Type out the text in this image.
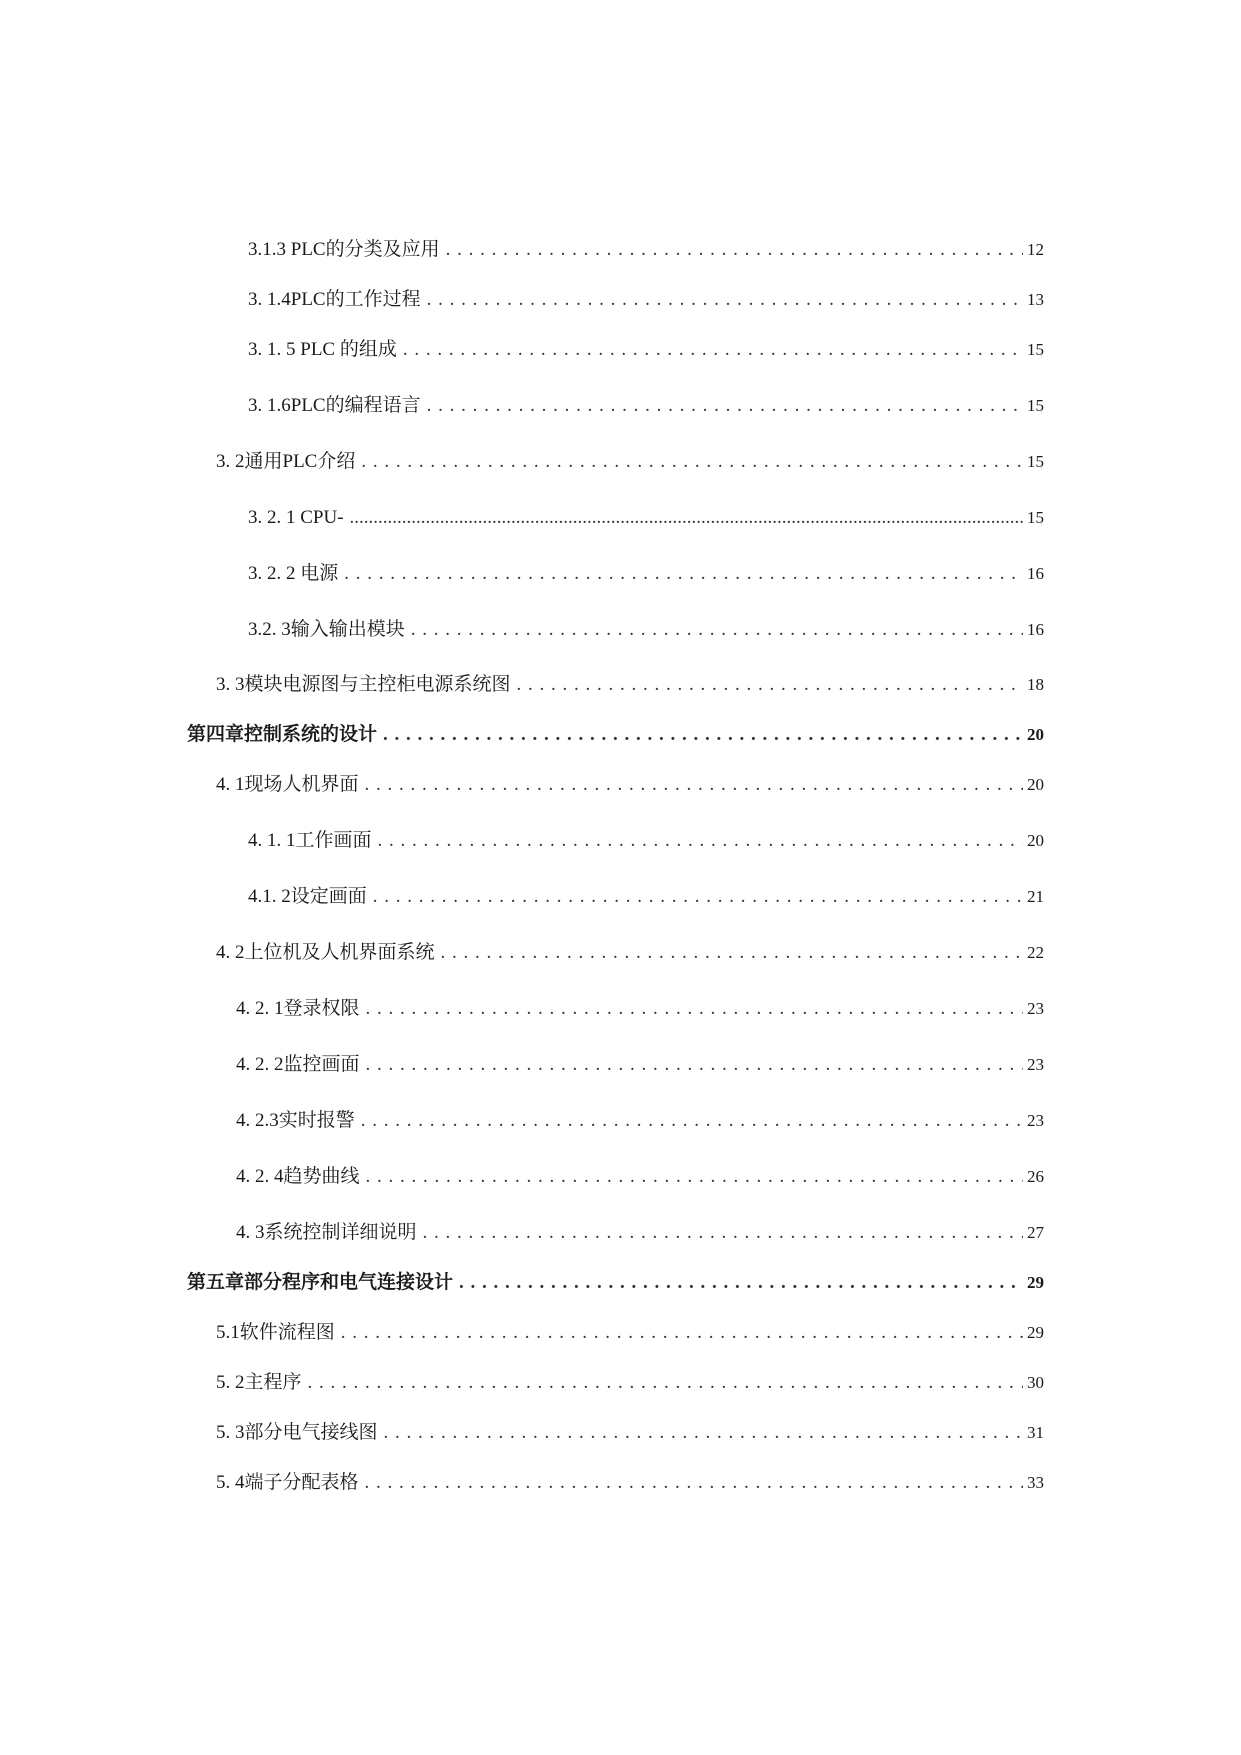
3.1.3 PLC的分类及应用 . . .	12
3. 1.4PLC的工作过程 . . .	13
3. 1. 5 PLC 的组成 . . .	15
3. 1.6PLC的编程语言 . . .	15
3. 2通用PLC介绍 . . .	15
3. 2. 1 CPU- .....	15
3. 2. 2 电源 . . .	16
3.2. 3输入输出模块 . . .	16
3. 3模块电源图与主控柜电源系统图 . . .	18
第四章控制系统的设计 . . .	20
4. 1现场人机界面 . . .	20
4. 1. 1工作画面 . . .	20
4.1. 2设定画面 . . .	21
4. 2上位机及人机界面系统 . . .	22
4. 2. 1登录权限 . . .	23
4. 2. 2监控画面 . . .	23
4. 2.3实时报警 . . .	23
4. 2. 4趋势曲线 . . .	26
4. 3系统控制详细说明 . . .	27
第五章部分程序和电气连接设计 . . .	29
5.1软件流程图 . . .	29
5. 2主程序 . . .	30
5. 3部分电气接线图 . . .	31
5. 4端子分配表格 . . .	33
